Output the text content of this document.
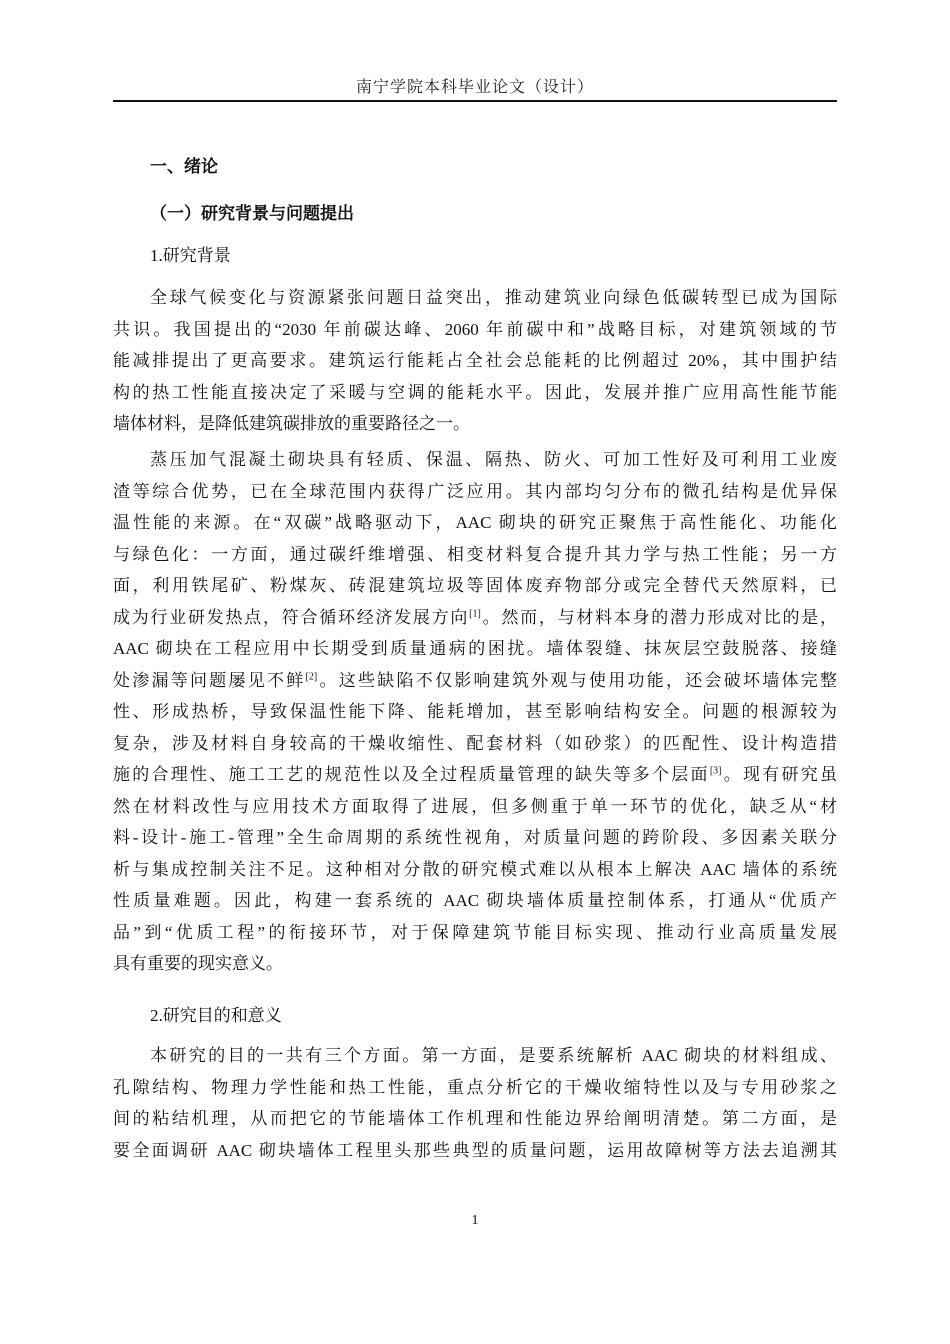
南宁学院本科毕业论文（设计）
一、绪论
（一）研究背景与问题提出
1.研究背景
全球气候变化与资源紧张问题日益突出，推动建筑业向绿色低碳转型已成为国际
共识。我国提出的“2030 年前碳达峰、2060 年前碳中和”战略目标，对建筑领域的节
能减排提出了更高要求。建筑运行能耗占全社会总能耗的比例超过 20%，其中围护结
构的热工性能直接决定了采暖与空调的能耗水平。因此，发展并推广应用高性能节能
墙体材料，是降低建筑碳排放的重要路径之一。
蒸压加气混凝土砌块具有轻质、保温、隔热、防火、可加工性好及可利用工业废
渣等综合优势，已在全球范围内获得广泛应用。其内部均匀分布的微孔结构是优异保
温性能的来源。在“双碳”战略驱动下，AAC 砌块的研究正聚焦于高性能化、功能化
与绿色化：一方面，通过碳纤维增强、相变材料复合提升其力学与热工性能；另一方
面，利用铁尾矿、粉煤灰、砖混建筑垃圾等固体废弃物部分或完全替代天然原料，已
成为行业研发热点，符合循环经济发展方向[1]。然而，与材料本身的潜力形成对比的是，
AAC 砌块在工程应用中长期受到质量通病的困扰。墙体裂缝、抹灰层空鼓脱落、接缝
处渗漏等问题屡见不鲜[2]。这些缺陷不仅影响建筑外观与使用功能，还会破坏墙体完整
性、形成热桥，导致保温性能下降、能耗增加，甚至影响结构安全。问题的根源较为
复杂，涉及材料自身较高的干燥收缩性、配套材料（如砂浆）的匹配性、设计构造措
施的合理性、施工工艺的规范性以及全过程质量管理的缺失等多个层面[3]。现有研究虽
然在材料改性与应用技术方面取得了进展，但多侧重于单一环节的优化，缺乏从“材
料-设计-施工-管理”全生命周期的系统性视角，对质量问题的跨阶段、多因素关联分
析与集成控制关注不足。这种相对分散的研究模式难以从根本上解决 AAC 墙体的系统
性质量难题。因此，构建一套系统的 AAC 砌块墙体质量控制体系，打通从“优质产
品”到“优质工程”的衔接环节，对于保障建筑节能目标实现、推动行业高质量发展
具有重要的现实意义。
2.研究目的和意义
本研究的目的一共有三个方面。第一方面，是要系统解析 AAC 砌块的材料组成、
孔隙结构、物理力学性能和热工性能，重点分析它的干燥收缩特性以及与专用砂浆之
间的粘结机理，从而把它的节能墙体工作机理和性能边界给阐明清楚。第二方面，是
要全面调研 AAC 砌块墙体工程里头那些典型的质量问题，运用故障树等方法去追溯其
1
